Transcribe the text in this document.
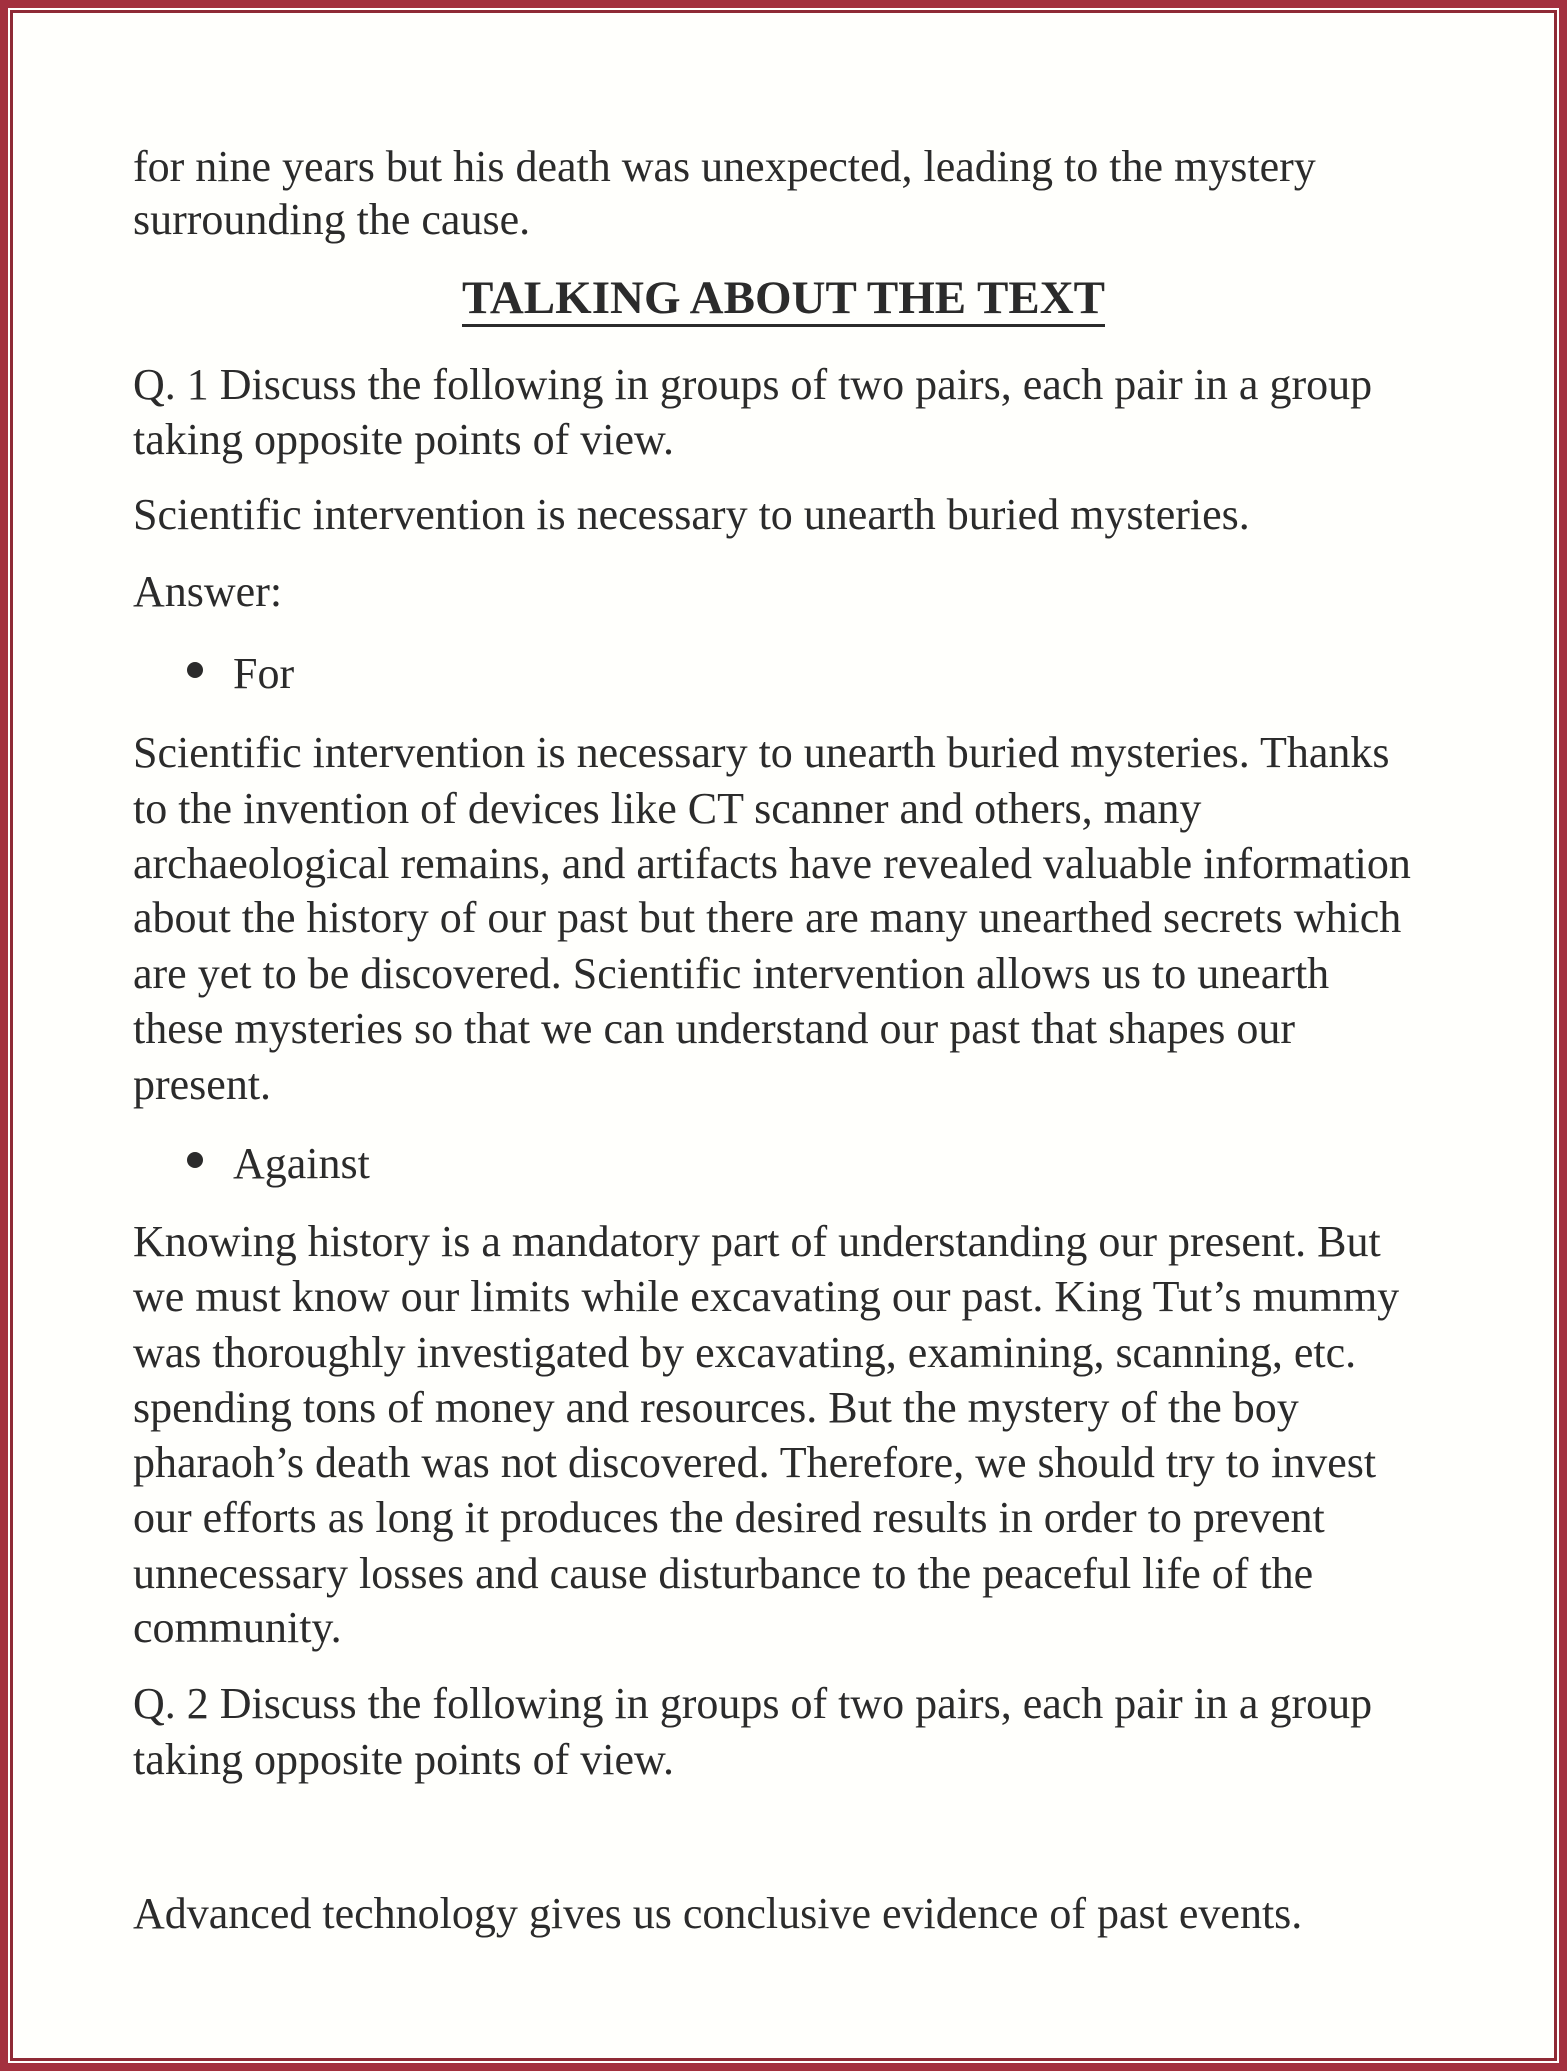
for nine years but his death was unexpected, leading to the mystery
surrounding the cause.
TALKING ABOUT THE TEXT
Q. 1 Discuss the following in groups of two pairs, each pair in a group
taking opposite points of view.
Scientific intervention is necessary to unearth buried mysteries.
Answer:
For
Scientific intervention is necessary to unearth buried mysteries. Thanks
to the invention of devices like CT scanner and others, many
archaeological remains, and artifacts have revealed valuable information
about the history of our past but there are many unearthed secrets which
are yet to be discovered. Scientific intervention allows us to unearth
these mysteries so that we can understand our past that shapes our
present.
Against
Knowing history is a mandatory part of understanding our present. But
we must know our limits while excavating our past. King Tut’s mummy
was thoroughly investigated by excavating, examining, scanning, etc.
spending tons of money and resources. But the mystery of the boy
pharaoh’s death was not discovered. Therefore, we should try to invest
our efforts as long it produces the desired results in order to prevent
unnecessary losses and cause disturbance to the peaceful life of the
community.
Q. 2 Discuss the following in groups of two pairs, each pair in a group
taking opposite points of view.
Advanced technology gives us conclusive evidence of past events.
